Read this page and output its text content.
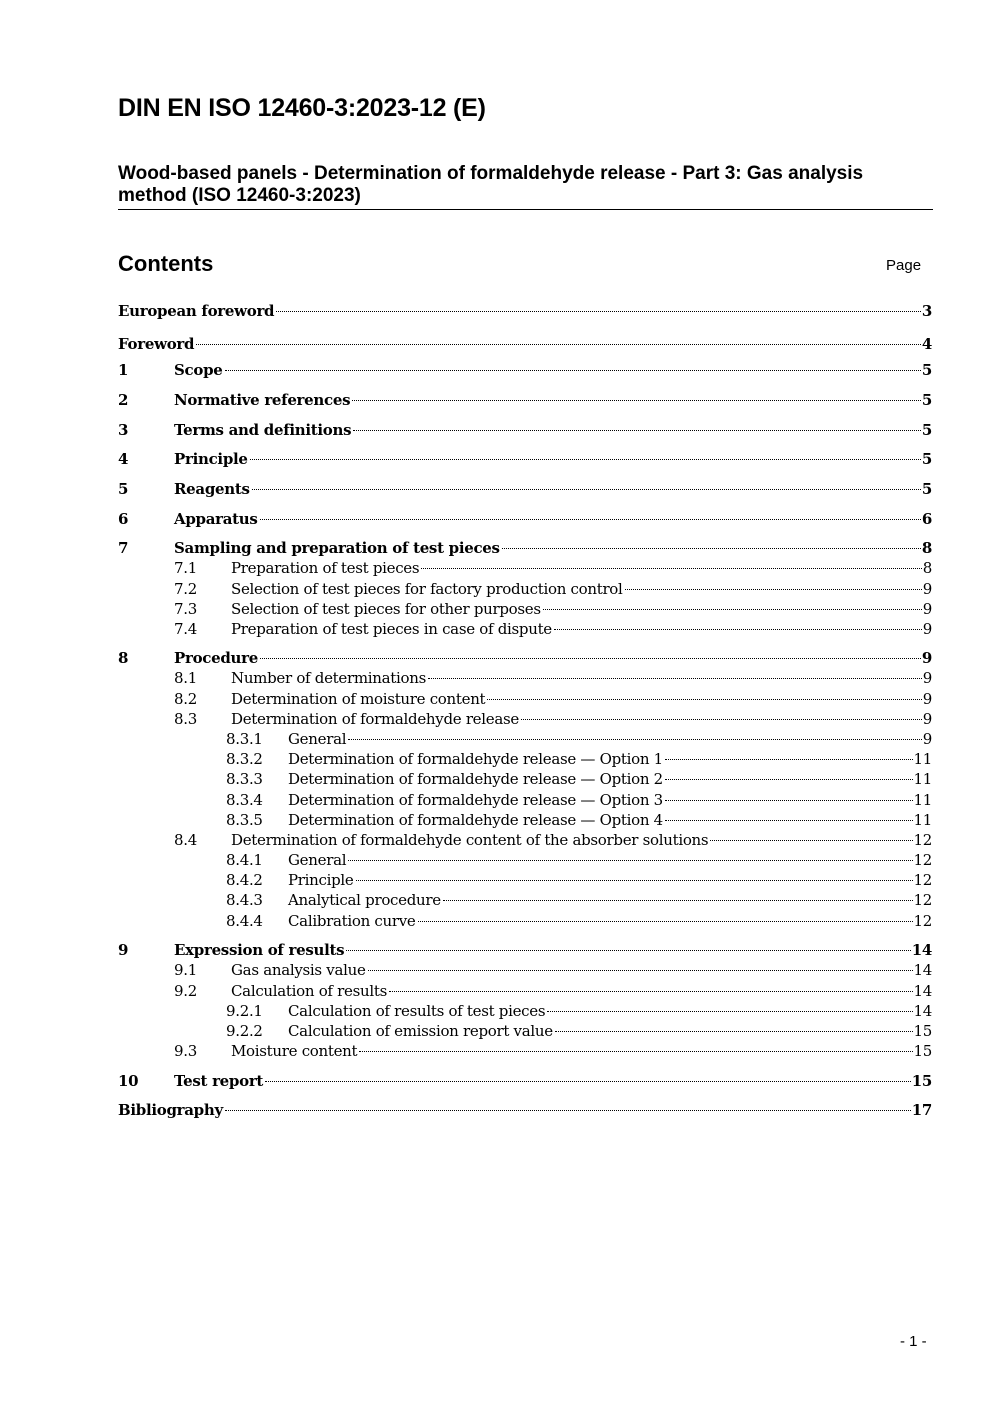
DIN EN ISO 12460-3:2023-12 (E)
Wood-based panels - Determination of formaldehyde release - Part 3: Gas analysis method (ISO 12460-3:2023)
Contents	Page
European foreword	3
Foreword	4
1	Scope	5
2	Normative references	5
3	Terms and definitions	5
4	Principle	5
5	Reagents	5
6	Apparatus	6
7	Sampling and preparation of test pieces	8
7.1	Preparation of test pieces	8
7.2	Selection of test pieces for factory production control	9
7.3	Selection of test pieces for other purposes	9
7.4	Preparation of test pieces in case of dispute	9
8	Procedure	9
8.1	Number of determinations	9
8.2	Determination of moisture content	9
8.3	Determination of formaldehyde release	9
8.3.1	General	9
8.3.2	Determination of formaldehyde release — Option 1	11
8.3.3	Determination of formaldehyde release — Option 2	11
8.3.4	Determination of formaldehyde release — Option 3	11
8.3.5	Determination of formaldehyde release — Option 4	11
8.4	Determination of formaldehyde content of the absorber solutions	12
8.4.1	General	12
8.4.2	Principle	12
8.4.3	Analytical procedure	12
8.4.4	Calibration curve	12
9	Expression of results	14
9.1	Gas analysis value	14
9.2	Calculation of results	14
9.2.1	Calculation of results of test pieces	14
9.2.2	Calculation of emission report value	15
9.3	Moisture content	15
10	Test report	15
Bibliography	17
- 1 -
